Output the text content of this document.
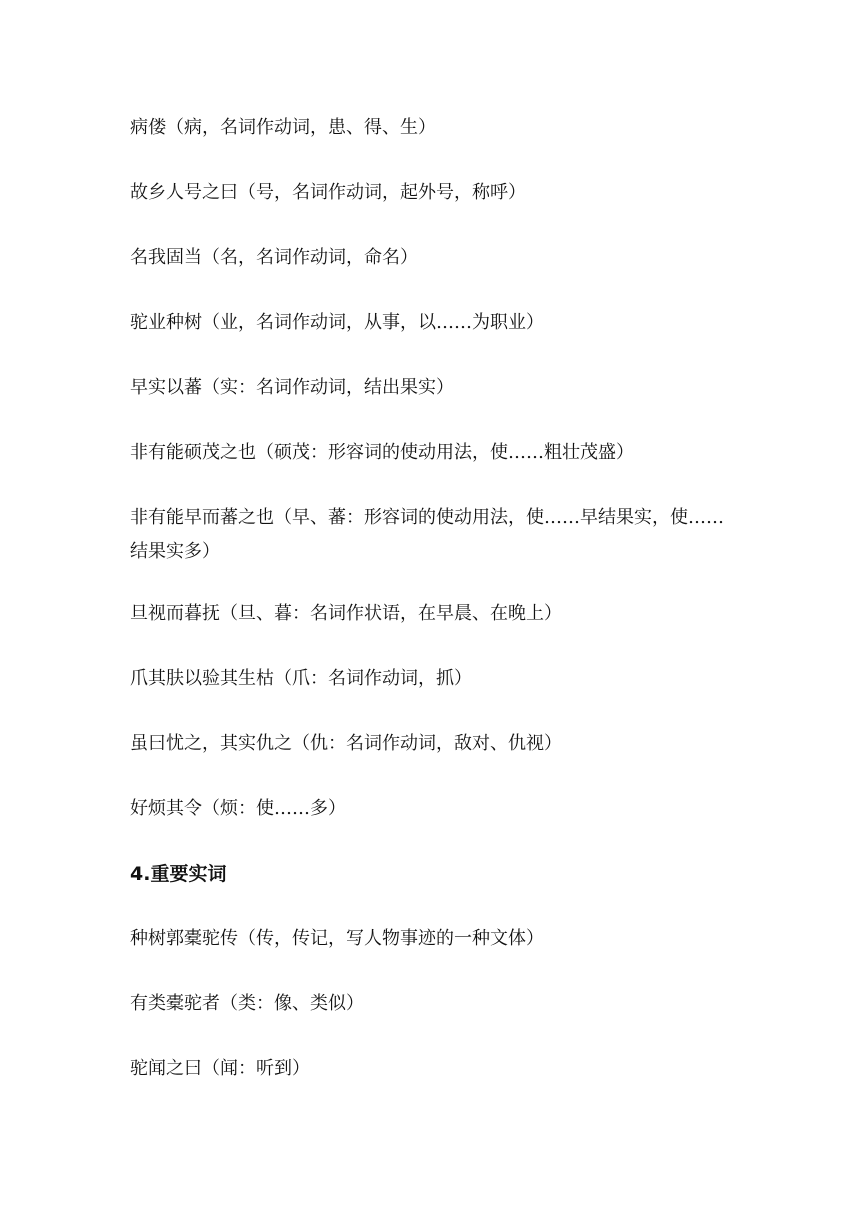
病偻（病，名词作动词，患、得、生）
故乡人号之曰（号，名词作动词，起外号，称呼）
名我固当（名，名词作动词，命名）
驼业种树（业，名词作动词，从事，以……为职业）
早实以蕃（实：名词作动词，结出果实）
非有能硕茂之也（硕茂：形容词的使动用法，使……粗壮茂盛）
非有能早而蕃之也（早、蕃：形容词的使动用法，使……早结果实，使……结果实多）
旦视而暮抚（旦、暮：名词作状语，在早晨、在晚上）
爪其肤以验其生枯（爪：名词作动词，抓）
虽曰忧之，其实仇之（仇：名词作动词，敌对、仇视）
好烦其令（烦：使……多）
4.重要实词
种树郭橐驼传（传，传记，写人物事迹的一种文体）
有类橐驼者（类：像、类似）
驼闻之曰（闻：听到）
